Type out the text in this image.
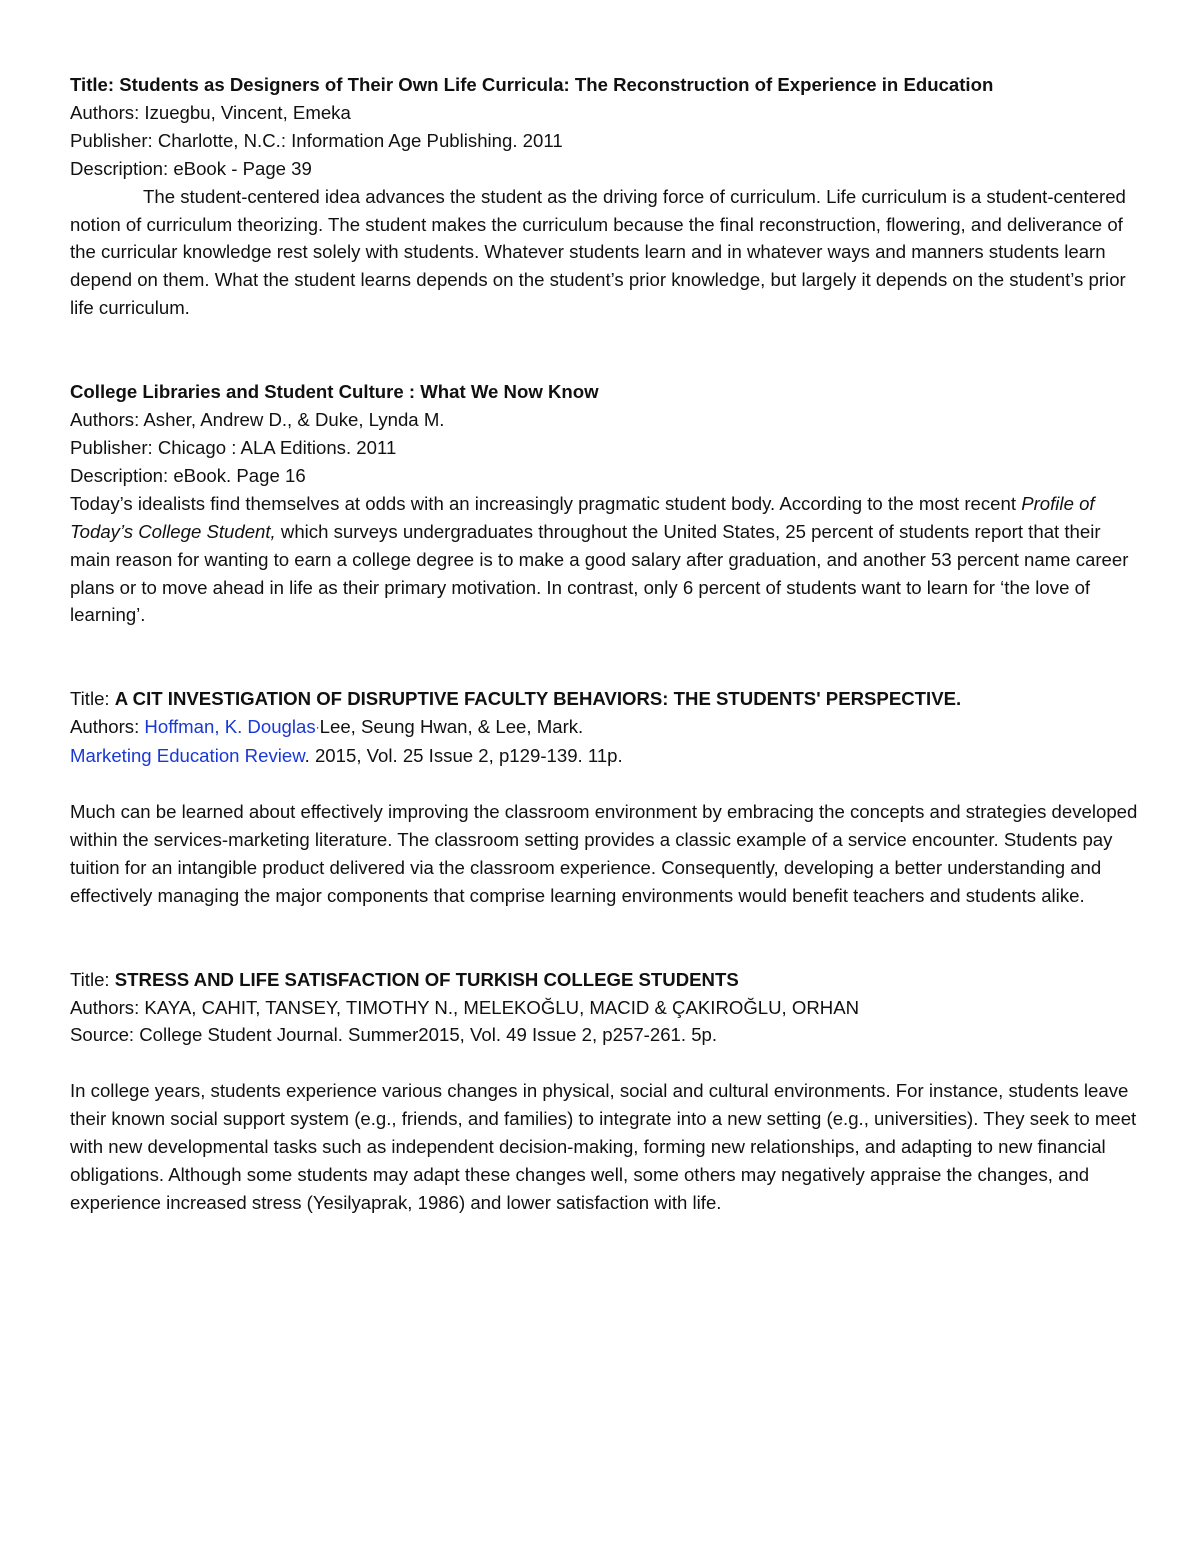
Title: Students as Designers of Their Own Life Curricula: The Reconstruction of Experience in Education

Authors: Izuegbu, Vincent, Emeka

Publisher: Charlotte, N.C.: Information Age Publishing. 2011

Description: eBook - Page 39

The student-centered idea advances the student as the driving force of curriculum. Life curriculum is a student-centered notion of curriculum theorizing. The student makes the curriculum because the final reconstruction, flowering, and deliverance of the curricular knowledge rest solely with students. Whatever students learn and in whatever ways and manners students learn depend on them. What the student learns depends on the student’s prior knowledge, but largely it depends on the student’s prior life curriculum.

College Libraries and Student Culture : What We Now Know

Authors: Asher, Andrew D., & Duke, Lynda M.

Publisher: Chicago : ALA Editions. 2011

Description: eBook. Page 16

Today’s idealists find themselves at odds with an increasingly pragmatic student body. According to the most recent Profile of Today’s College Student, which surveys undergraduates throughout the United States, 25 percent of students report that their main reason for wanting to earn a college degree is to make a good salary after graduation, and another 53 percent name career plans or to move ahead in life as their primary motivation. In contrast, only 6 percent of students want to learn for ‘the love of learning’.

Title: A CIT INVESTIGATION OF DISRUPTIVE FACULTY BEHAVIORS: THE STUDENTS' PERSPECTIVE.

Authors: Hoffman, K. Douglas·Lee, Seung Hwan, & Lee, Mark.

Marketing Education Review. 2015, Vol. 25 Issue 2, p129-139. 11p.

Much can be learned about effectively improving the classroom environment by embracing the concepts and strategies developed within the services-marketing literature. The classroom setting provides a classic example of a service encounter. Students pay tuition for an intangible product delivered via the classroom experience. Consequently, developing a better understanding and effectively managing the major components that comprise learning environments would benefit teachers and students alike.

Title: STRESS AND LIFE SATISFACTION OF TURKISH COLLEGE STUDENTS

Authors: KAYA, CAHIT, TANSEY, TIMOTHY N., MELEKOĞLU, MACID & ÇAKIROĞLU, ORHAN

Source: College Student Journal. Summer2015, Vol. 49 Issue 2, p257-261. 5p.

In college years, students experience various changes in physical, social and cultural environments. For instance, students leave their known social support system (e.g., friends, and families) to integrate into a new setting (e.g., universities). They seek to meet with new developmental tasks such as independent decision-making, forming new relationships, and adapting to new financial obligations. Although some students may adapt these changes well, some others may negatively appraise the changes, and experience increased stress (Yesilyaprak, 1986) and lower satisfaction with life.
